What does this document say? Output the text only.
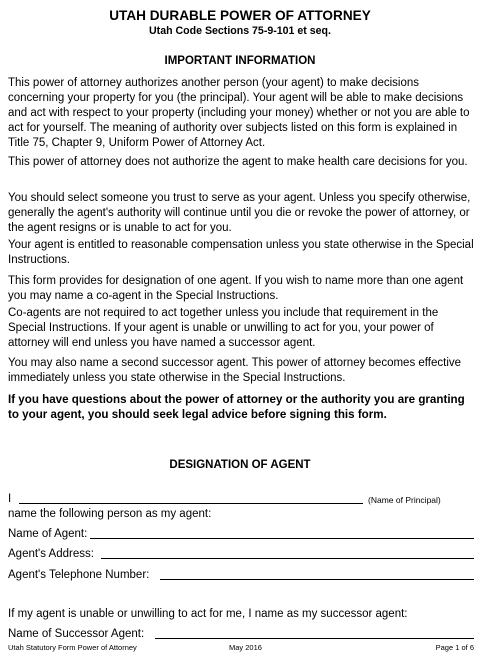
UTAH DURABLE POWER OF ATTORNEY
Utah Code Sections 75-9-101 et seq.
IMPORTANT INFORMATION

This power of attorney authorizes another person (your agent) to make decisions concerning your property for you (the principal). Your agent will be able to make decisions and act with respect to your property (including your money) whether or not you are able to act for yourself. The meaning of authority over subjects listed on this form is explained in Title 75, Chapter 9, Uniform Power of Attorney Act.

This power of attorney does not authorize the agent to make health care decisions for you.

You should select someone you trust to serve as your agent. Unless you specify otherwise, generally the agent's authority will continue until you die or revoke the power of attorney, or the agent resigns or is unable to act for you.

Your agent is entitled to reasonable compensation unless you state otherwise in the Special Instructions.

This form provides for designation of one agent. If you wish to name more than one agent you may name a co-agent in the Special Instructions.

Co-agents are not required to act together unless you include that requirement in the Special Instructions. If your agent is unable or unwilling to act for you, your power of attorney will end unless you have named a successor agent.

You may also name a second successor agent. This power of attorney becomes effective immediately unless you state otherwise in the Special Instructions.

If you have questions about the power of attorney or the authority you are granting to your agent, you should seek legal advice before signing this form.

DESIGNATION OF AGENT
I	(Name of Principal)
name the following person as my agent:
Name of Agent:
Agent's Address:
Agent's Telephone Number:
If my agent is unable or unwilling to act for me, I name as my successor agent:
Name of Successor Agent:
Utah Statutory Form Power of Attorney	May 2016	Page 1 of 6
